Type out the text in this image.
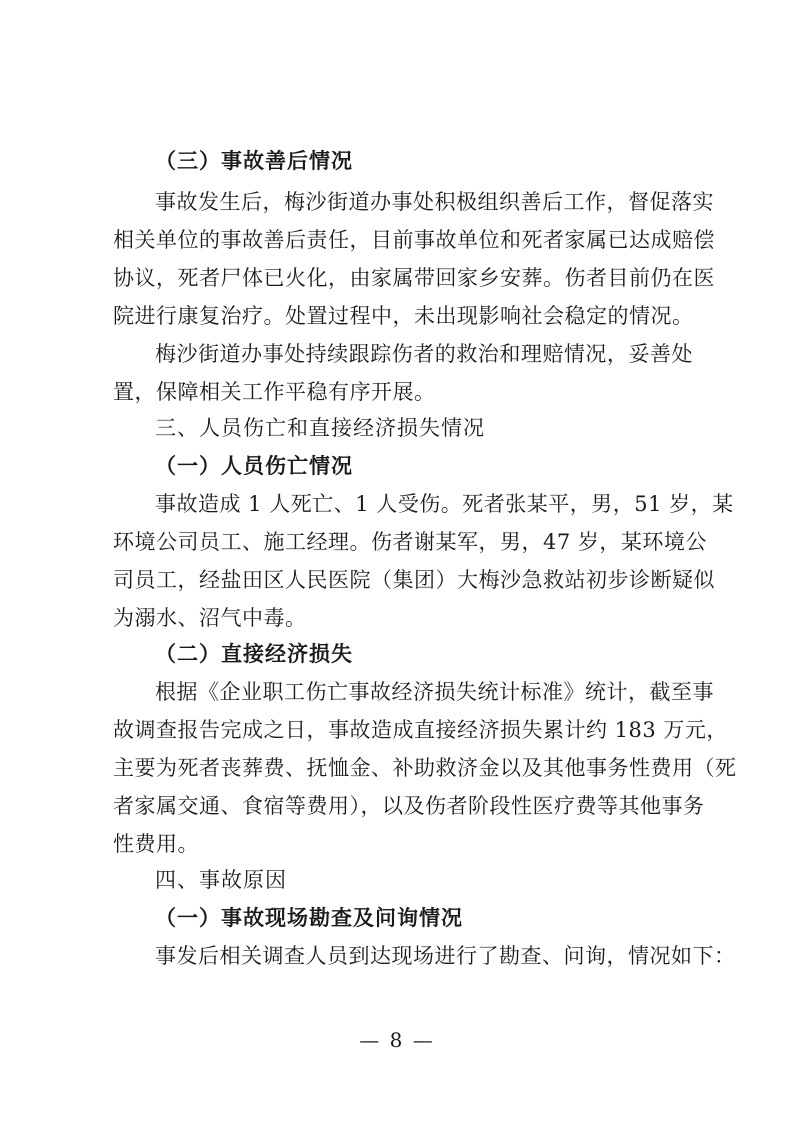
（三）事故善后情况
事故发生后，梅沙街道办事处积极组织善后工作，督促落实
相关单位的事故善后责任，目前事故单位和死者家属已达成赔偿
协议，死者尸体已火化，由家属带回家乡安葬。伤者目前仍在医
院进行康复治疗。处置过程中，未出现影响社会稳定的情况。
梅沙街道办事处持续跟踪伤者的救治和理赔情况，妥善处
置，保障相关工作平稳有序开展。
三、人员伤亡和直接经济损失情况
（一）人员伤亡情况
事故造成 1 人死亡、1 人受伤。死者张某平，男，51 岁，某
环境公司员工、施工经理。伤者谢某军，男，47 岁，某环境公
司员工，经盐田区人民医院（集团）大梅沙急救站初步诊断疑似
为溺水、沼气中毒。
（二）直接经济损失
根据《企业职工伤亡事故经济损失统计标准》统计，截至事
故调查报告完成之日，事故造成直接经济损失累计约 183 万元，
主要为死者丧葬费、抚恤金、补助救济金以及其他事务性费用（死
者家属交通、食宿等费用），以及伤者阶段性医疗费等其他事务
性费用。
四、事故原因
（一）事故现场勘查及问询情况
事发后相关调查人员到达现场进行了勘查、问询，情况如下：
— 8 —
